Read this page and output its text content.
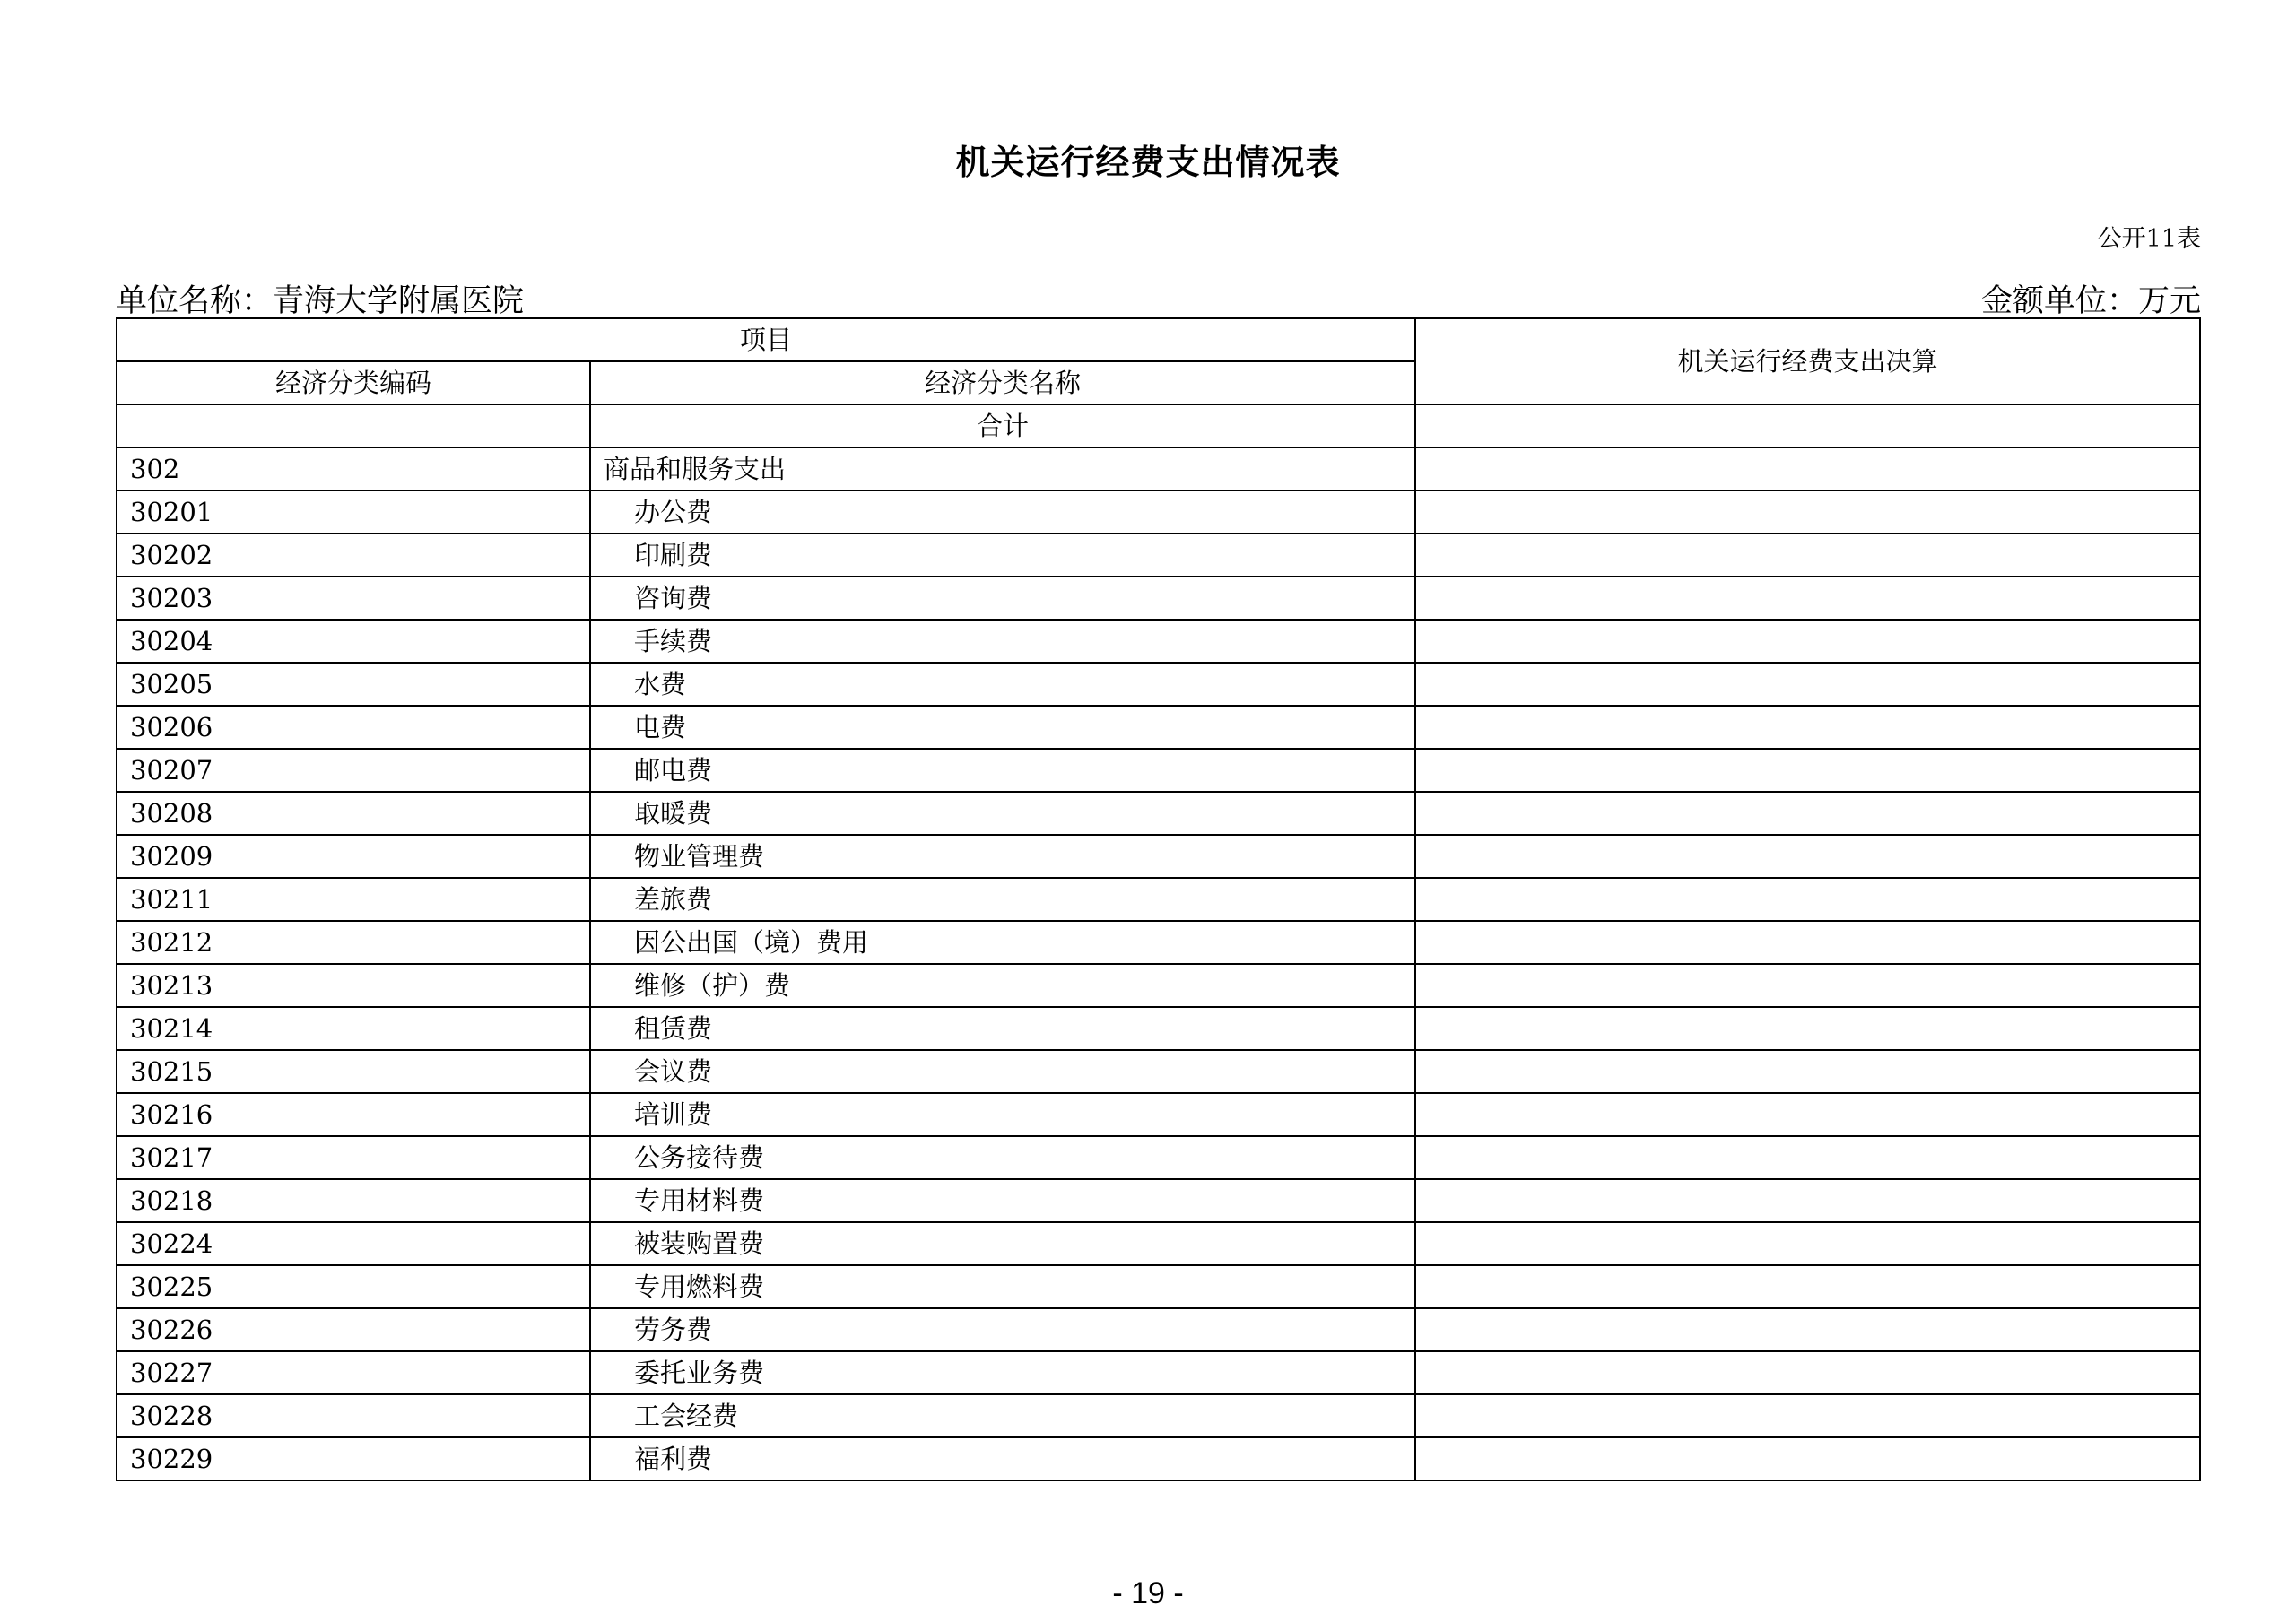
机关运行经费支出情况表
公开11表
单位名称：青海大学附属医院	金额单位：万元
项目		机关运行经费支出决算
经济分类编码	经济分类名称	
	合计	
302	商品和服务支出	
30201	办公费	
30202	印刷费	
30203	咨询费	
30204	手续费	
30205	水费	
30206	电费	
30207	邮电费	
30208	取暖费	
30209	物业管理费	
30211	差旅费	
30212	因公出国（境）费用	
30213	维修（护）费	
30214	租赁费	
30215	会议费	
30216	培训费	
30217	公务接待费	
30218	专用材料费	
30224	被装购置费	
30225	专用燃料费	
30226	劳务费	
30227	委托业务费	
30228	工会经费	
30229	福利费	
- 19 -
